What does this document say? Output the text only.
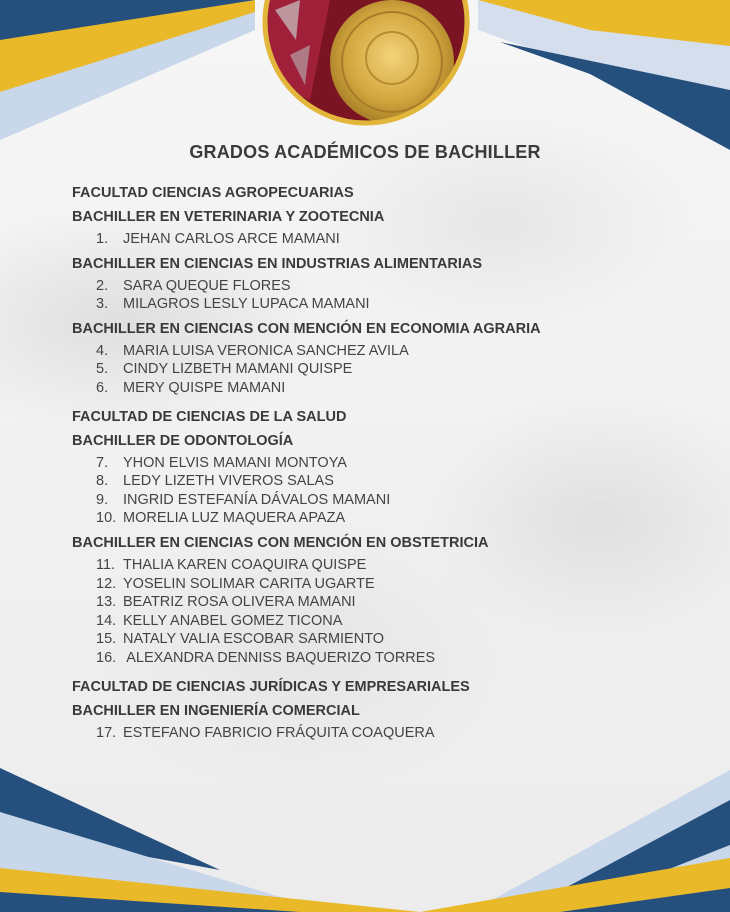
GRADOS ACADÉMICOS DE BACHILLER
FACULTAD CIENCIAS AGROPECUARIAS
BACHILLER EN VETERINARIA Y ZOOTECNIA
1.	JEHAN CARLOS ARCE MAMANI
BACHILLER EN CIENCIAS EN INDUSTRIAS ALIMENTARIAS
2.	SARA QUEQUE FLORES
3.	MILAGROS LESLY LUPACA MAMANI
BACHILLER EN CIENCIAS CON MENCIÓN EN ECONOMIA AGRARIA
4.	MARIA LUISA VERONICA SANCHEZ AVILA
5.	CINDY LIZBETH MAMANI QUISPE
6.	MERY QUISPE MAMANI
FACULTAD DE CIENCIAS DE LA SALUD
BACHILLER DE ODONTOLOGÍA
7.	YHON ELVIS MAMANI MONTOYA
8.	LEDY LIZETH VIVEROS SALAS
9.	INGRID ESTEFANÍA DÁVALOS MAMANI
10. MORELIA LUZ MAQUERA APAZA
BACHILLER EN CIENCIAS CON MENCIÓN EN OBSTETRICIA
11. THALIA KAREN COAQUIRA QUISPE
12. YOSELIN SOLIMAR CARITA UGARTE
13. BEATRIZ ROSA OLIVERA MAMANI
14. KELLY ANABEL GOMEZ TICONA
15. NATALY VALIA ESCOBAR SARMIENTO
16. ALEXANDRA DENNISS BAQUERIZO TORRES
FACULTAD DE CIENCIAS JURÍDICAS Y EMPRESARIALES
BACHILLER EN INGENIERÍA COMERCIAL
17. ESTEFANO FABRICIO FRÁQUITA COAQUERA
